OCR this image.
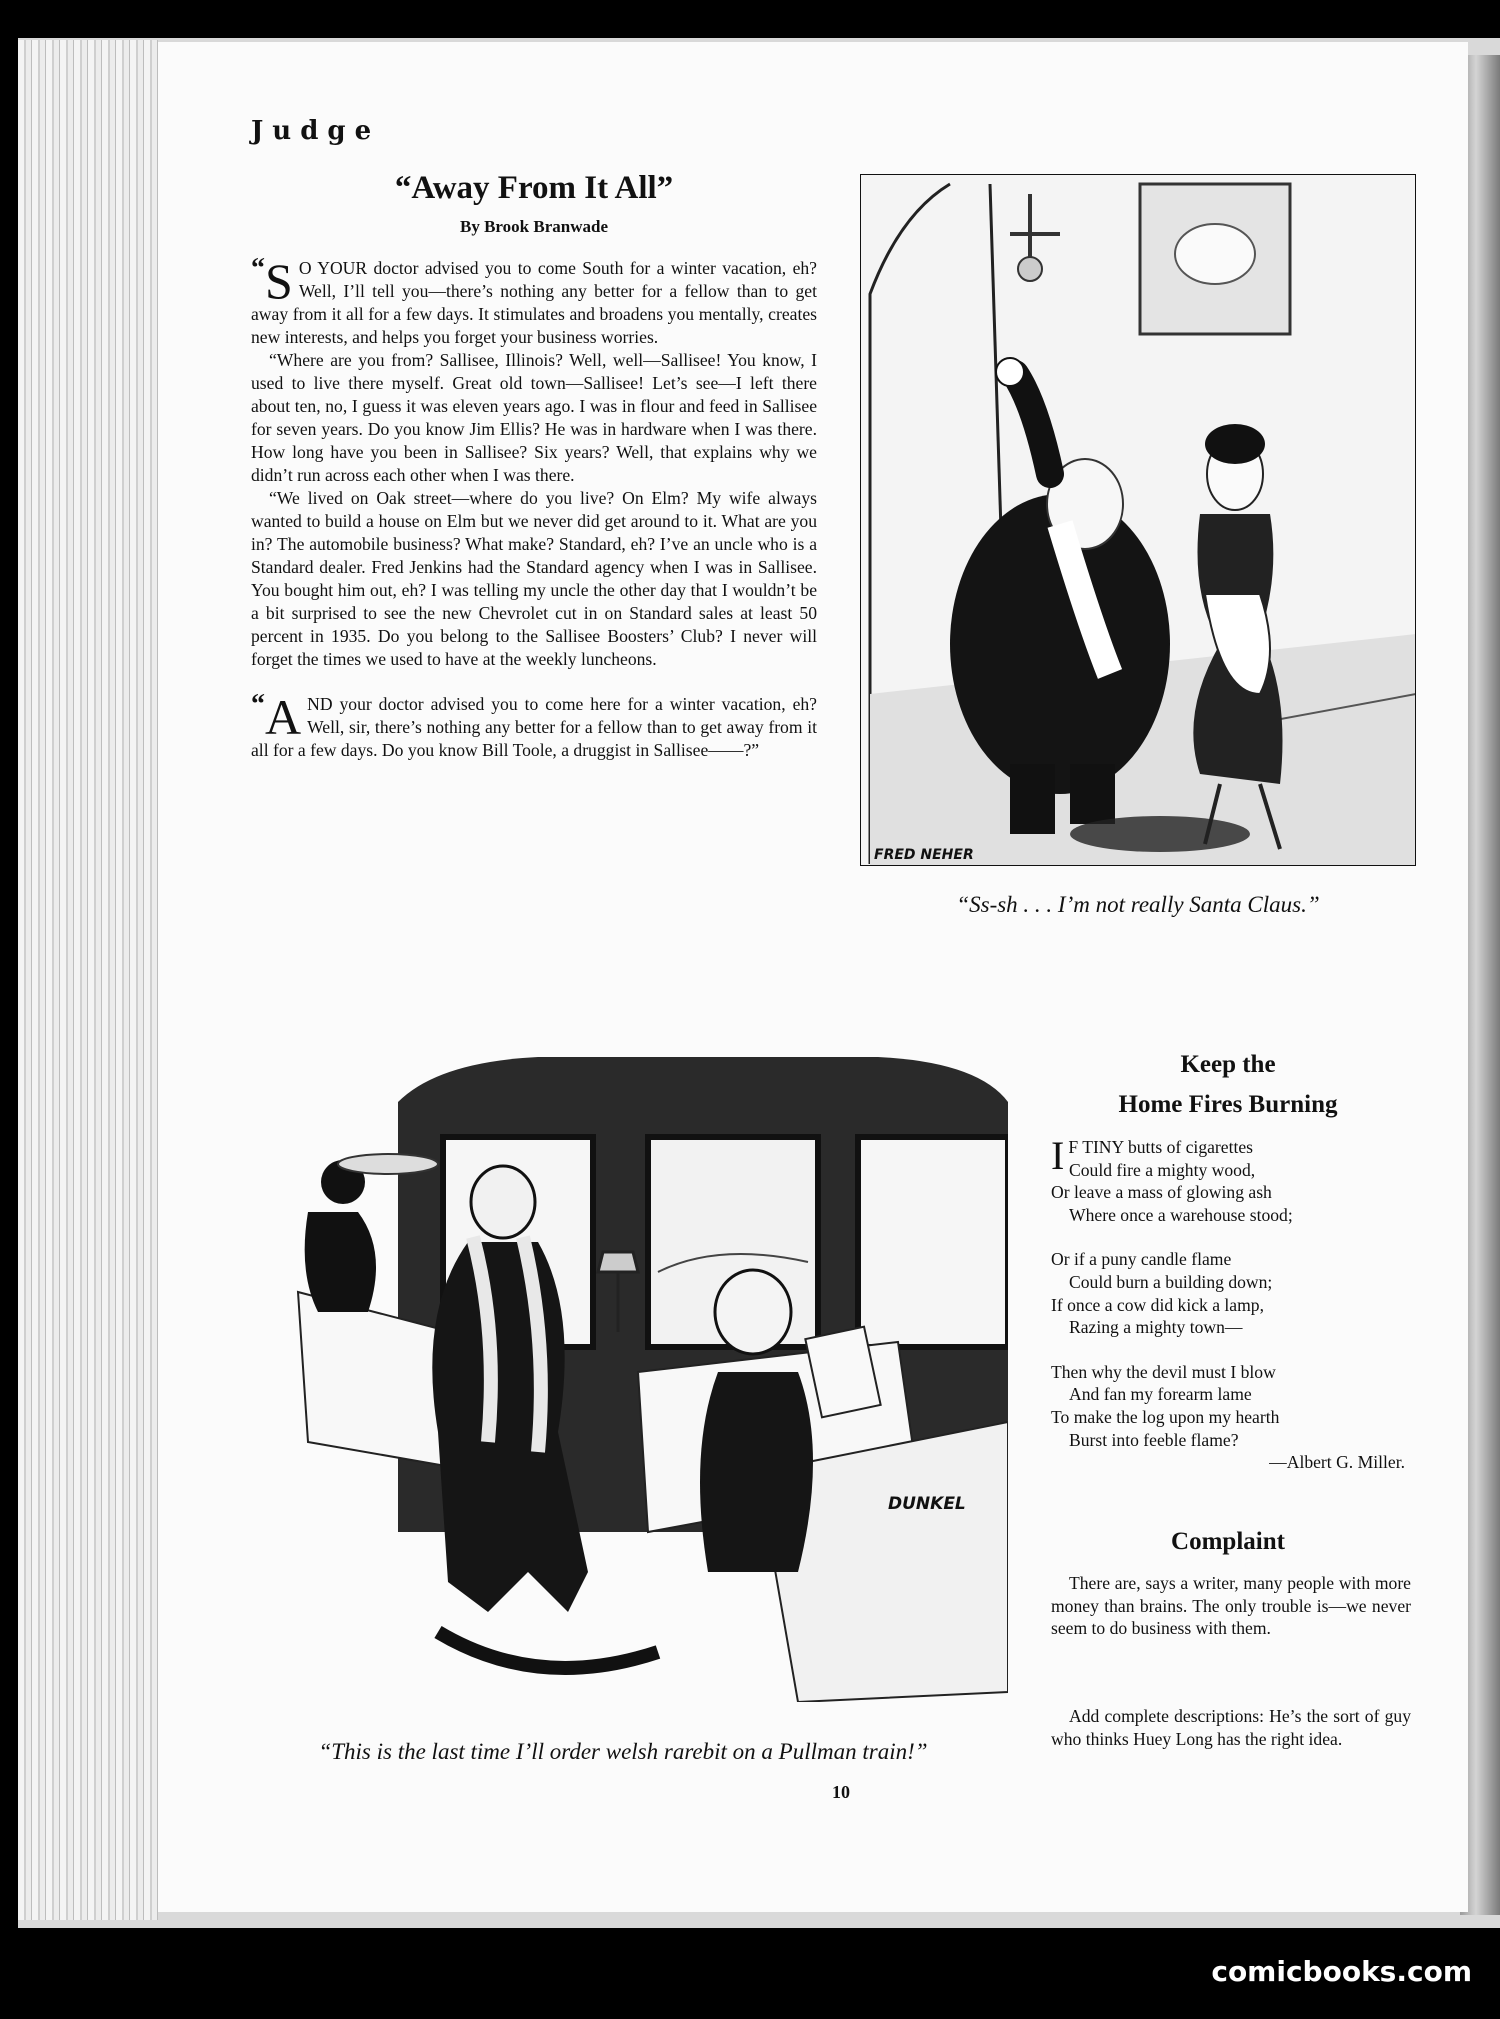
Judge
“Away From It All”
By Brook Branwade

“ S O YOUR doctor advised you to come South for a winter vacation, eh? Well, I’ll tell you—there’s nothing any better for a fellow than to get away from it all for a few days. It stimulates and broadens you mentally, creates new interests, and helps you forget your business worries.

“Where are you from? Sallisee, Illinois? Well, well—Sallisee! You know, I used to live there myself. Great old town—Sallisee! Let’s see—I left there about ten, no, I guess it was eleven years ago. I was in flour and feed in Sallisee for seven years. Do you know Jim Ellis? He was in hardware when I was there. How long have you been in Sallisee? Six years? Well, that explains why we didn’t run across each other when I was there.

“We lived on Oak street—where do you live? On Elm? My wife always wanted to build a house on Elm but we never did get around to it. What are you in? The automobile business? What make? Standard, eh? I’ve an uncle who is a Standard dealer. Fred Jenkins had the Standard agency when I was in Sallisee. You bought him out, eh? I was telling my uncle the other day that I wouldn’t be a bit surprised to see the new Chevrolet cut in on Standard sales at least 50 percent in 1935. Do you belong to the Sallisee Boosters’ Club? I never will forget the times we used to have at the weekly luncheons.

“ A ND your doctor advised you to come here for a winter vacation, eh? Well, sir, there’s nothing any better for a fellow than to get away from it all for a few days. Do you know Bill Toole, a druggist in Sallisee——?”

FRED NEHER
“Ss-sh . . . I’m not really Santa Claus.”
DUNKEL
“This is the last time I’ll order welsh rarebit on a Pullman train!”
Keep the
Home Fires Burning
I F TINY butts of cigarettes
Could fire a mighty wood,
Or leave a mass of glowing ash
Where once a warehouse stood;
Or if a puny candle flame
Could burn a building down;
If once a cow did kick a lamp,
Razing a mighty town—
Then why the devil must I blow
And fan my forearm lame
To make the log upon my hearth
Burst into feeble flame?
—Albert G. Miller.
Complaint
There are, says a writer, many people with more money than brains. The only trouble is—we never seem to do business with them.
Add complete descriptions: He’s the sort of guy who thinks Huey Long has the right idea.
10
comicbooks.com
